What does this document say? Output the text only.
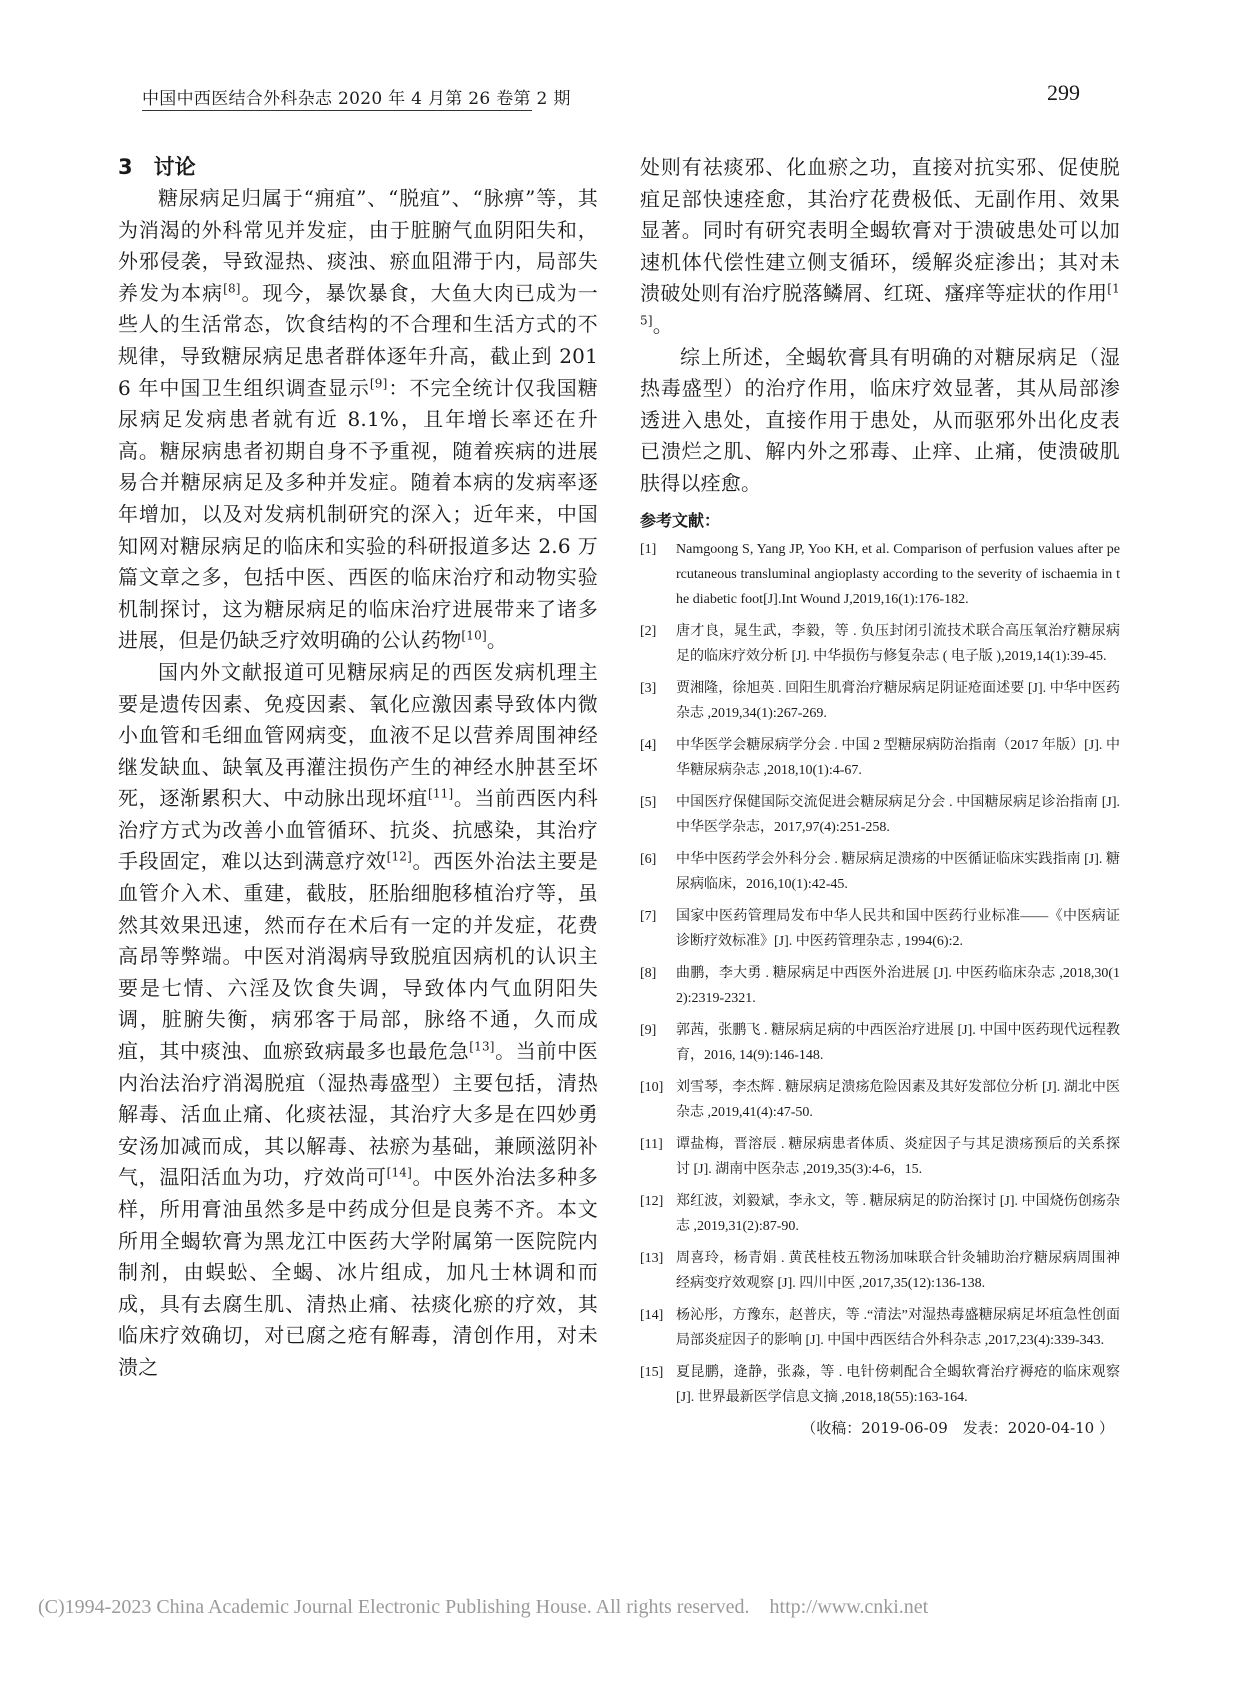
中国中西医结合外科杂志 2020 年 4 月第 26 卷第 2 期	299
3　讨论

糖尿病足归属于“痈疽”、“脱疽”、“脉痹”等，其为消渴的外科常见并发症，由于脏腑气血阴阳失和，外邪侵袭，导致湿热、痰浊、瘀血阻滞于内，局部失养发为本病[8]。现今，暴饮暴食，大鱼大肉已成为一些人的生活常态，饮食结构的不合理和生活方式的不规律，导致糖尿病足患者群体逐年升高，截止到 2016 年中国卫生组织调查显示[9]：不完全统计仅我国糖尿病足发病患者就有近 8.1%，且年增长率还在升高。糖尿病患者初期自身不予重视，随着疾病的进展易合并糖尿病足及多种并发症。随着本病的发病率逐年增加，以及对发病机制研究的深入；近年来，中国知网对糖尿病足的临床和实验的科研报道多达 2.6 万篇文章之多，包括中医、西医的临床治疗和动物实验机制探讨，这为糖尿病足的临床治疗进展带来了诸多进展，但是仍缺乏疗效明确的公认药物[10]。

国内外文献报道可见糖尿病足的西医发病机理主要是遗传因素、免疫因素、氧化应激因素导致体内微小血管和毛细血管网病变，血液不足以营养周围神经继发缺血、缺氧及再灌注损伤产生的神经水肿甚至坏死，逐渐累积大、中动脉出现坏疽[11]。当前西医内科治疗方式为改善小血管循环、抗炎、抗感染，其治疗手段固定，难以达到满意疗效[12]。西医外治法主要是血管介入术、重建，截肢，胚胎细胞移植治疗等，虽然其效果迅速，然而存在术后有一定的并发症，花费高昂等弊端。中医对消渴病导致脱疽因病机的认识主要是七情、六淫及饮食失调，导致体内气血阴阳失调，脏腑失衡，病邪客于局部，脉络不通，久而成疽，其中痰浊、血瘀致病最多也最危急[13]。当前中医内治法治疗消渴脱疽（湿热毒盛型）主要包括，清热解毒、活血止痛、化痰祛湿，其治疗大多是在四妙勇安汤加减而成，其以解毒、祛瘀为基础，兼顾滋阴补气，温阳活血为功，疗效尚可[14]。中医外治法多种多样，所用膏油虽然多是中药成分但是良莠不齐。本文所用全蝎软膏为黑龙江中医药大学附属第一医院院内制剂，由蜈蚣、全蝎、冰片组成，加凡士林调和而成，具有去腐生肌、清热止痛、祛痰化瘀的疗效，其临床疗效确切，对已腐之疮有解毒，清创作用，对未溃之

处则有祛痰邪、化血瘀之功，直接对抗实邪、促使脱疽足部快速痊愈，其治疗花费极低、无副作用、效果显著。同时有研究表明全蝎软膏对于溃破患处可以加速机体代偿性建立侧支循环，缓解炎症渗出；其对未溃破处则有治疗脱落鳞屑、红斑、瘙痒等症状的作用[15]。

综上所述，全蝎软膏具有明确的对糖尿病足（湿热毒盛型）的治疗作用，临床疗效显著，其从局部渗透进入患处，直接作用于患处，从而驱邪外出化皮表已溃烂之肌、解内外之邪毒、止痒、止痛，使溃破肌肤得以痊愈。

参考文献：
[1]	Namgoong S, Yang JP, Yoo KH, et al. Comparison of perfusion values after percutaneous transluminal angioplasty according to the severity of ischaemia in the diabetic foot[J].Int Wound J,2019,16(1):176-182.
[2]	唐才良，晁生武，李毅，等 . 负压封闭引流技术联合高压氧治疗糖尿病足的临床疗效分析 [J]. 中华损伤与修复杂志 ( 电子版 ),2019,14(1):39-45.
[3]	贾湘隆，徐旭英 . 回阳生肌膏治疗糖尿病足阴证疮面述要 [J]. 中华中医药杂志 ,2019,34(1):267-269.
[4]	中华医学会糖尿病学分会 . 中国 2 型糖尿病防治指南（2017 年版）[J]. 中华糖尿病杂志 ,2018,10(1):4-67.
[5]	中国医疗保健国际交流促进会糖尿病足分会 . 中国糖尿病足诊治指南 [J]. 中华医学杂志，2017,97(4):251-258.
[6]	中华中医药学会外科分会 . 糖尿病足溃疡的中医循证临床实践指南 [J]. 糖尿病临床，2016,10(1):42-45.
[7]	国家中医药管理局发布中华人民共和国中医药行业标准——《中医病证诊断疗效标准》[J]. 中医药管理杂志 , 1994(6):2.
[8]	曲鹏，李大勇 . 糖尿病足中西医外治进展 [J]. 中医药临床杂志 ,2018,30(12):2319-2321.
[9]	郭茜，张鹏飞 . 糖尿病足病的中西医治疗进展 [J]. 中国中医药现代远程教育，2016, 14(9):146-148.
[10] 刘雪琴，李杰辉 . 糖尿病足溃疡危险因素及其好发部位分析 [J]. 湖北中医杂志 ,2019,41(4):47-50.
[11] 谭盐梅，晋溶辰 . 糖尿病患者体质、炎症因子与其足溃疡预后的关系探讨 [J]. 湖南中医杂志 ,2019,35(3):4-6，15.
[12] 郑红波，刘毅斌，李永文，等 . 糖尿病足的防治探讨 [J]. 中国烧伤创疡杂志 ,2019,31(2):87-90.
[13] 周喜玲，杨青娟 . 黄芪桂枝五物汤加味联合针灸辅助治疗糖尿病周围神经病变疗效观察 [J]. 四川中医 ,2017,35(12):136-138.
[14] 杨沁彤，方豫东，赵普庆，等 .“清法”对湿热毒盛糖尿病足坏疽急性创面局部炎症因子的影响 [J]. 中国中西医结合外科杂志 ,2017,23(4):339-343.
[15] 夏昆鹏，逄静，张淼，等 . 电针傍刺配合全蝎软膏治疗褥疮的临床观察 [J]. 世界最新医学信息文摘 ,2018,18(55):163-164.
（收稿：2019-06-09　发表：2020-04-10 ）
(C)1994-2023 China Academic Journal Electronic Publishing House. All rights reserved. http://www.cnki.net
